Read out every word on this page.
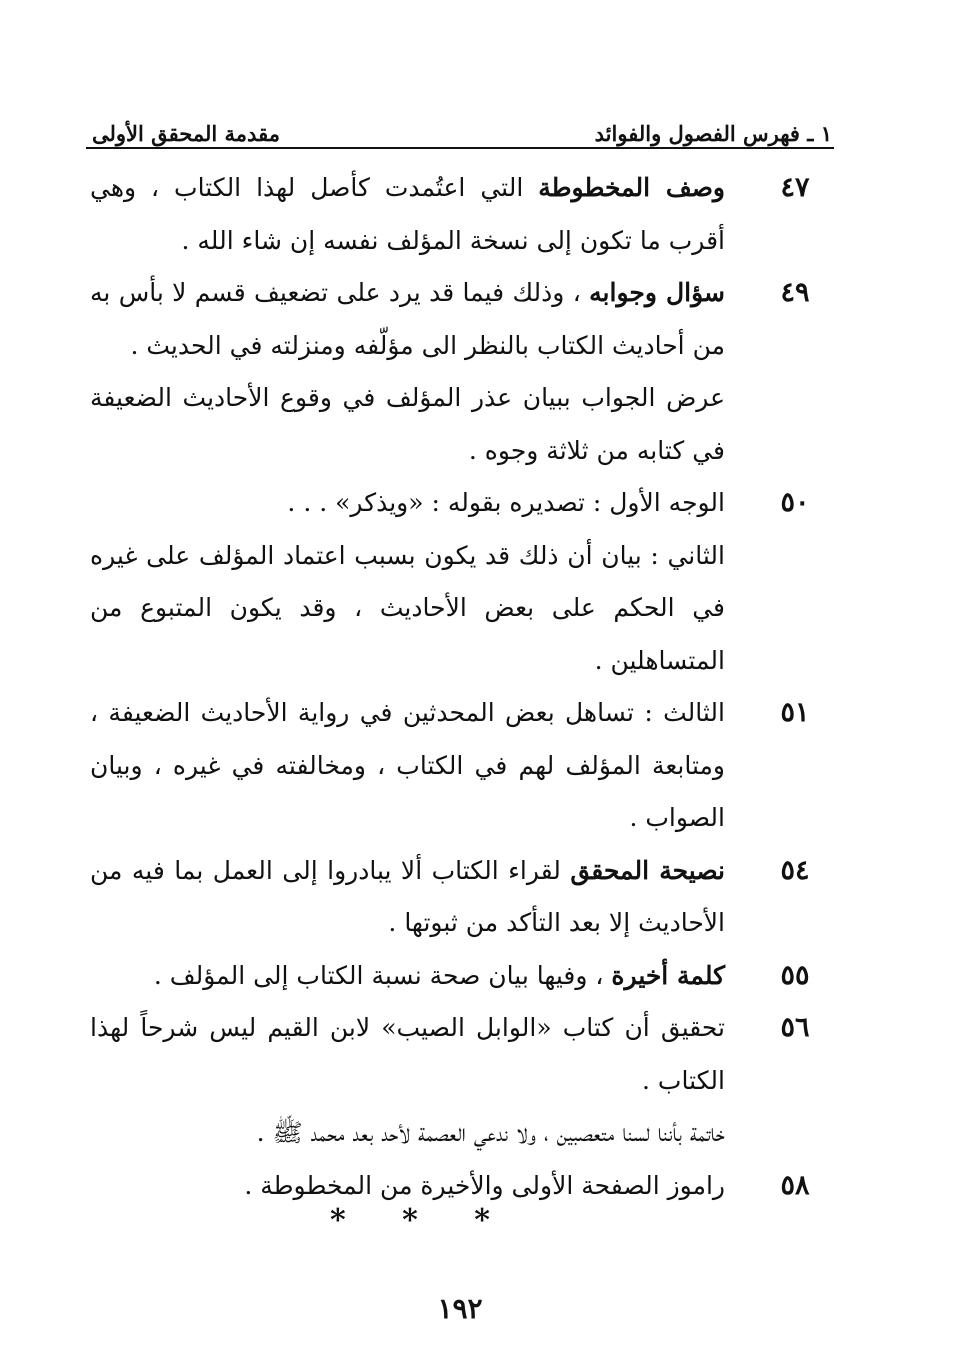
١ ـ فهرس الفصول والفوائد
مقدمة المحقق الأولى
٤٧
وصف المخطوطة التي اعتُمدت كأصل لهذا الكتاب ، وهي أقرب ما تكون إلى نسخة المؤلف نفسه إن شاء الله .
٤٩
سؤال وجوابه ، وذلك فيما قد يرد على تضعيف قسم لا بأس به من أحاديث الكتاب بالنظر الى مؤلّفه ومنزلته في الحديث .
عرض الجواب ببيان عذر المؤلف في وقوع الأحاديث الضعيفة في كتابه من ثلاثة وجوه .
٥٠
الوجه الأول : تصديره بقوله : «ويذكر» . . .
الثاني : بيان أن ذلك قد يكون بسبب اعتماد المؤلف على غيره في الحكم على بعض الأحاديث ، وقد يكون المتبوع من المتساهلين .
٥١
الثالث : تساهل بعض المحدثين في رواية الأحاديث الضعيفة ، ومتابعة المؤلف لهم في الكتاب ، ومخالفته في غيره ، وبيان الصواب .
٥٤
نصيحة المحقق لقراء الكتاب ألا يبادروا إلى العمل بما فيه من الأحاديث إلا بعد التأكد من ثبوتها .
٥٥
كلمة أخيرة ، وفيها بيان صحة نسبة الكتاب إلى المؤلف .
٥٦
تحقيق أن كتاب «الوابل الصيب» لابن القيم ليس شرحاً لهذا الكتاب .
خاتمة بأننا لسنا متعصبين ، ولا ندعي العصمة لأحد بعد محمد ﷺ .
٥٨
راموز الصفحة الأولى والأخيرة من المخطوطة .
* * *
١٩٢
